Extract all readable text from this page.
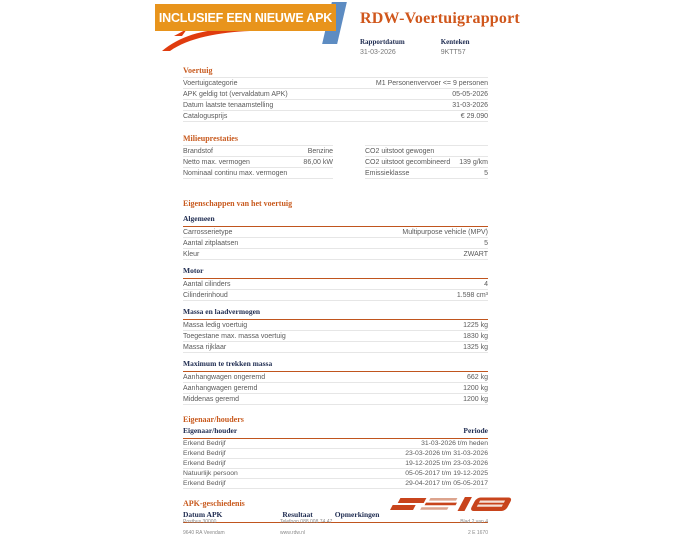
INCLUSIEF EEN NIEUWE APK RDW-Voertuigrapport
Rapportdatum
31-03-2026

Kenteken
9KTT57
Voertuig
Voertuigcategorie	M1 Personenvervoer <= 9 personen
APK geldig tot (vervaldatum APK)	05-05-2026
Datum laatste tenaamstelling	31-03-2026
Catalogusprijs	€ 29.090
Milieuprestaties
Brandstof	Benzine
Netto max. vermogen	86,00 kW
Nominaal continu max. vermogen
CO2 uitstoot gewogen
CO2 uitstoot gecombineerd 139 g/km
Emissieklasse	5
Eigenschappen van het voertuig
Algemeen
Carrosserietype	Multipurpose vehicle (MPV)
Aantal zitplaatsen	5
Kleur	ZWART
Motor
Aantal cilinders	4
Cilinderinhoud	1.598 cm³
Massa en laadvermogen
Massa ledig voertuig	1225 kg
Toegestane max. massa voertuig	1830 kg
Massa rijklaar	1325 kg
Maximum te trekken massa
Aanhangwagen ongeremd	662 kg
Aanhangwagen geremd	1200 kg
Middenas geremd	1200 kg
Eigenaar/houders
Eigenaar/houder	Periode
Erkend Bedrijf	31-03-2026 t/m heden
Erkend Bedrijf	23-03-2026 t/m 31-03-2026
Erkend Bedrijf	19-12-2025 t/m 23-03-2026
Natuurlijk persoon	05-05-2017 t/m 19-12-2025
Erkend Bedrijf	29-04-2017 t/m 05-05-2017
APK-geschiedenis
Datum APK	Resultaat	Opmerkingen
Postbus 30000	Telefoon 088 008 74 47	Blad 2 van 4
9640 RA Veendam	www.rdw.nl	2 E 1670
